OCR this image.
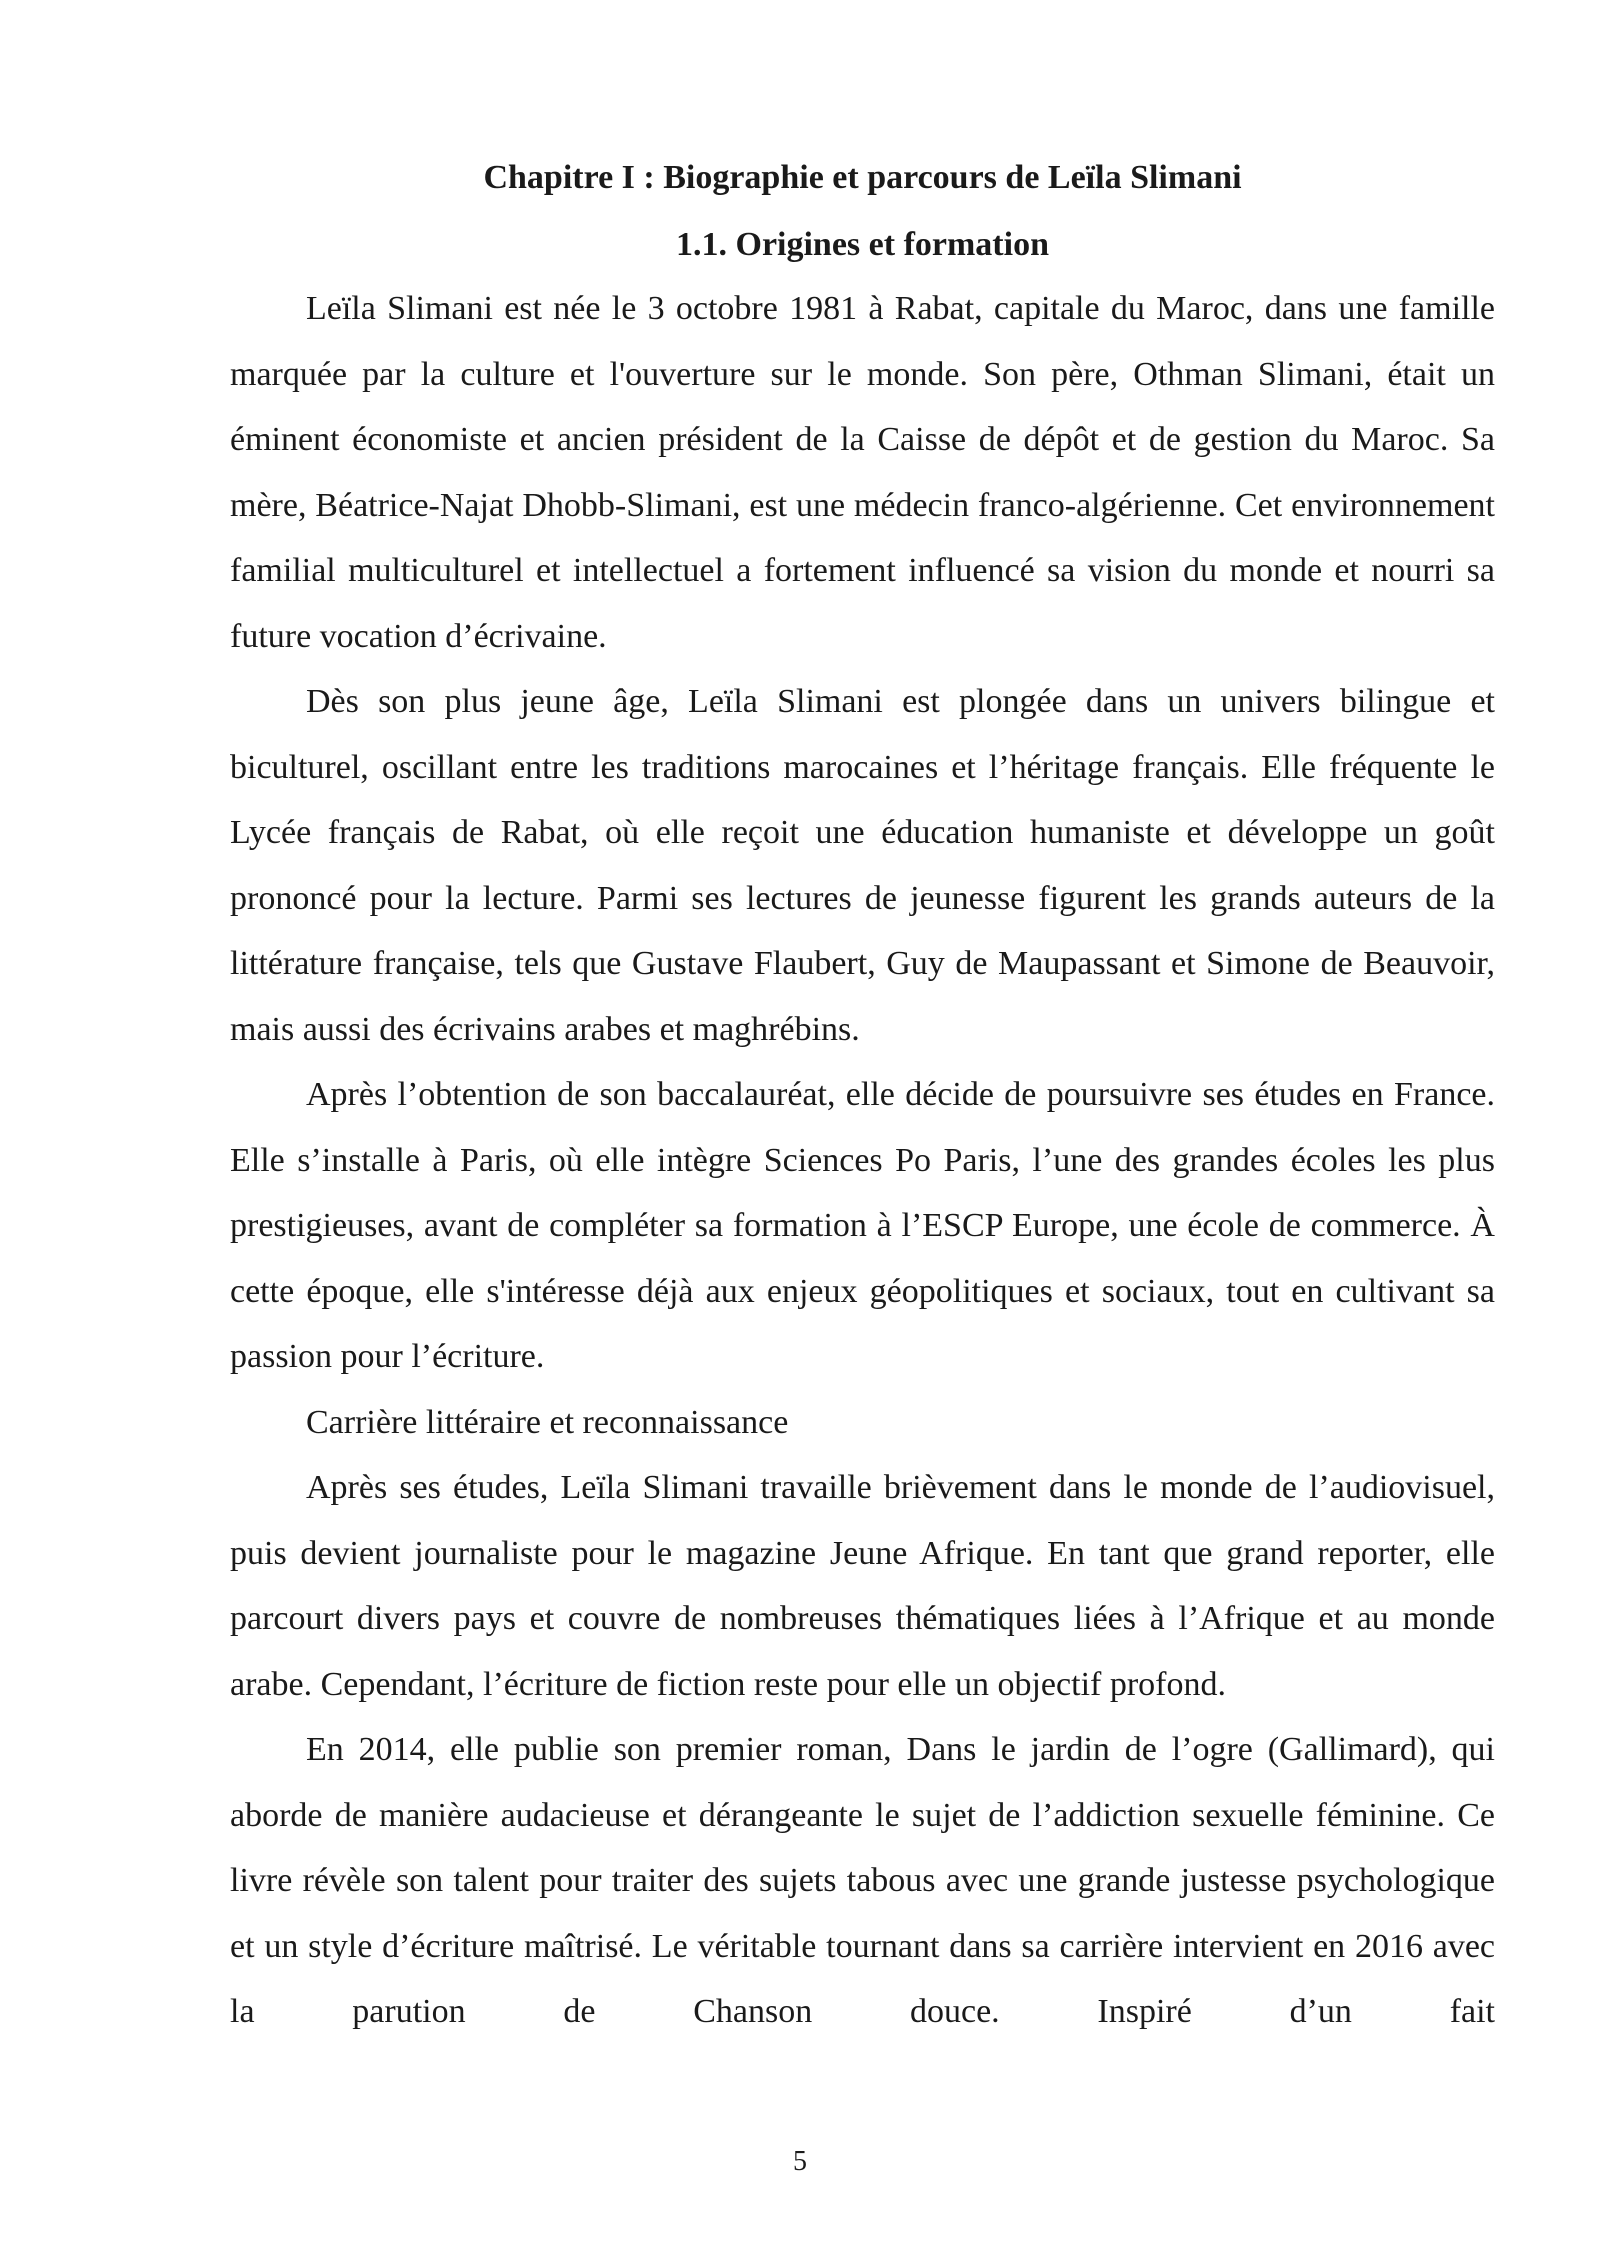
Chapitre I : Biographie et parcours de Leïla Slimani
1.1. Origines et formation

Leïla Slimani est née le 3 octobre 1981 à Rabat, capitale du Maroc, dans une famille marquée par la culture et l'ouverture sur le monde. Son père, Othman Slimani, était un éminent économiste et ancien président de la Caisse de dépôt et de gestion du Maroc. Sa mère, Béatrice-Najat Dhobb-Slimani, est une médecin franco-algérienne. Cet environnement familial multiculturel et intellectuel a fortement influencé sa vision du monde et nourri sa future vocation d’écrivaine.

Dès son plus jeune âge, Leïla Slimani est plongée dans un univers bilingue et biculturel, oscillant entre les traditions marocaines et l’héritage français. Elle fréquente le Lycée français de Rabat, où elle reçoit une éducation humaniste et développe un goût prononcé pour la lecture. Parmi ses lectures de jeunesse figurent les grands auteurs de la littérature française, tels que Gustave Flaubert, Guy de Maupassant et Simone de Beauvoir, mais aussi des écrivains arabes et maghrébins.

Après l’obtention de son baccalauréat, elle décide de poursuivre ses études en France. Elle s’installe à Paris, où elle intègre Sciences Po Paris, l’une des grandes écoles les plus prestigieuses, avant de compléter sa formation à l’ESCP Europe, une école de commerce. À cette époque, elle s'intéresse déjà aux enjeux géopolitiques et sociaux, tout en cultivant sa passion pour l’écriture.

Carrière littéraire et reconnaissance

Après ses études, Leïla Slimani travaille brièvement dans le monde de l’audiovisuel, puis devient journaliste pour le magazine Jeune Afrique. En tant que grand reporter, elle parcourt divers pays et couvre de nombreuses thématiques liées à l’Afrique et au monde arabe. Cependant, l’écriture de fiction reste pour elle un objectif profond.

En 2014, elle publie son premier roman, Dans le jardin de l’ogre (Gallimard), qui aborde de manière audacieuse et dérangeante le sujet de l’addiction sexuelle féminine. Ce livre révèle son talent pour traiter des sujets tabous avec une grande justesse psychologique et un style d’écriture maîtrisé. Le véritable tournant dans sa carrière intervient en 2016 avec la parution de Chanson douce. Inspiré d’un fait

5
